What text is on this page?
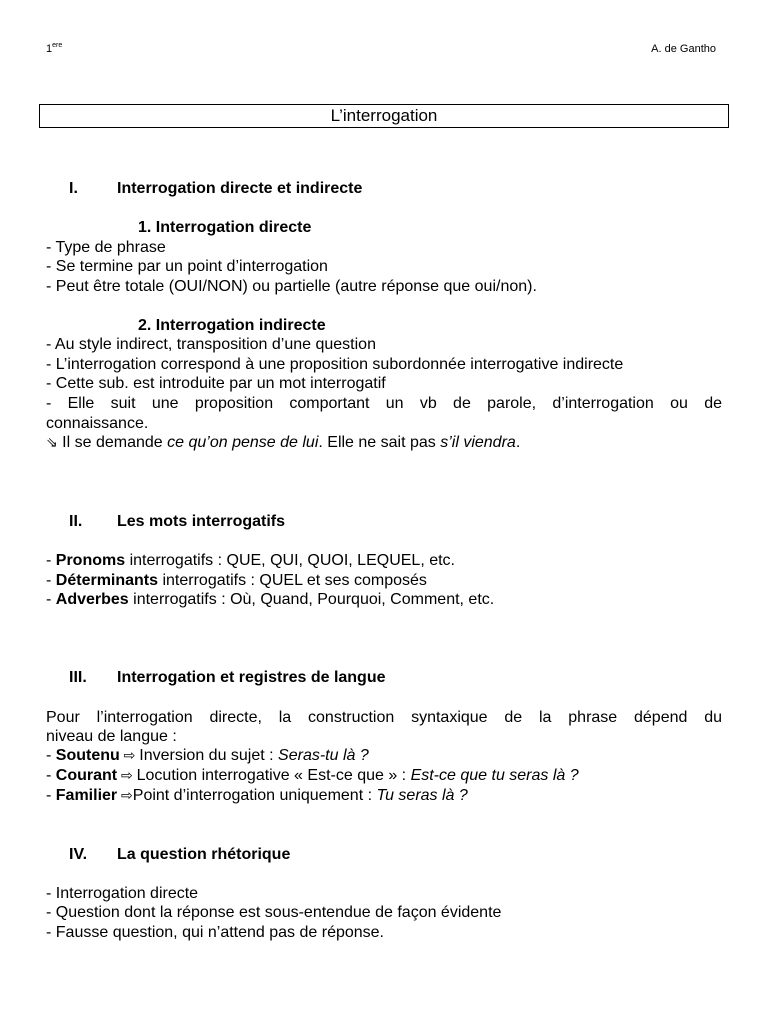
1ere	A. de Gantho
L’interrogation
I. Interrogation directe et indirecte
1. Interrogation directe
- Type de phrase
- Se termine par un point d’interrogation
- Peut être totale (OUI/NON) ou partielle (autre réponse que oui/non).
2. Interrogation indirecte
- Au style indirect, transposition d’une question
- L’interrogation correspond à une proposition subordonnée interrogative indirecte
- Cette sub. est introduite par un mot interrogatif
- Elle suit une proposition comportant un vb de parole, d’interrogation ou de
connaissance.
⇘ Il se demande ce qu’on pense de lui. Elle ne sait pas s’il viendra.
II. Les mots interrogatifs
- Pronoms interrogatifs : QUE, QUI, QUOI, LEQUEL, etc.
- Déterminants interrogatifs : QUEL et ses composés
- Adverbes interrogatifs : Où, Quand, Pourquoi, Comment, etc.
III. Interrogation et registres de langue
Pour l’interrogation directe, la construction syntaxique de la phrase dépend du
niveau de langue :
- Soutenu ⇨ Inversion du sujet : Seras-tu là ?
- Courant ⇨ Locution interrogative « Est-ce que » : Est-ce que tu seras là ?
- Familier ⇨Point d’interrogation uniquement : Tu seras là ?
IV. La question rhétorique
- Interrogation directe
- Question dont la réponse est sous-entendue de façon évidente
- Fausse question, qui n’attend pas de réponse.
